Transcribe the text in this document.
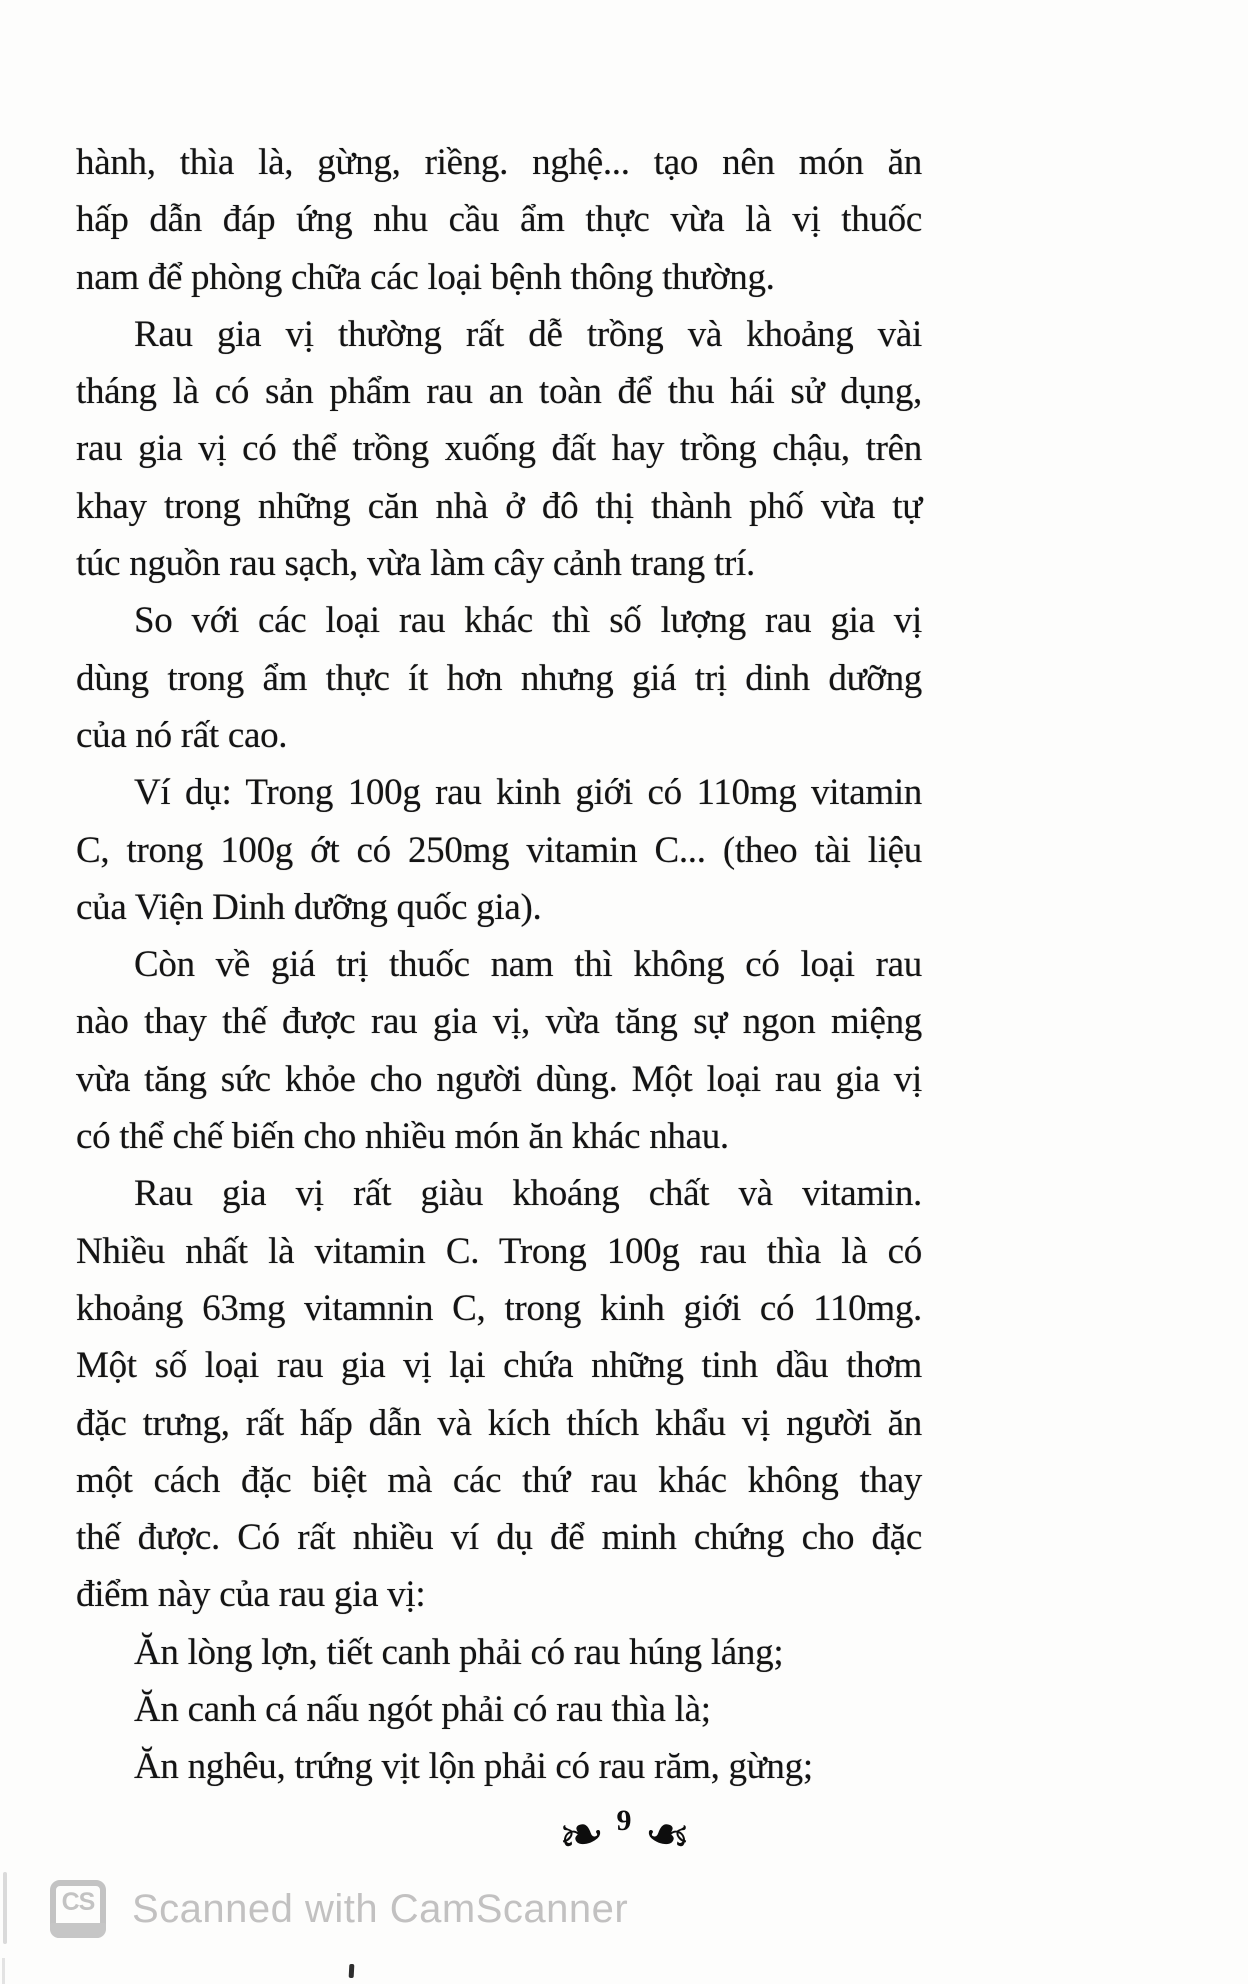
hành, thìa là, gừng, riềng. nghệ... tạo nên món ăn
hấp dẫn đáp ứng nhu cầu ẩm thực vừa là vị thuốc
nam để phòng chữa các loại bệnh thông thường.
Rau gia vị thường rất dễ trồng và khoảng vài
tháng là có sản phẩm rau an toàn để thu hái sử dụng,
rau gia vị có thể trồng xuống đất hay trồng chậu, trên
khay trong những căn nhà ở đô thị thành phố vừa tự
túc nguồn rau sạch, vừa làm cây cảnh trang trí.
So với các loại rau khác thì số lượng rau gia vị
dùng trong ẩm thực ít hơn nhưng giá trị dinh dưỡng
của nó rất cao.
Ví dụ: Trong 100g rau kinh giới có 110mg vitamin
C, trong 100g ớt có 250mg vitamin C... (theo tài liệu
của Viện Dinh dưỡng quốc gia).
Còn về giá trị thuốc nam thì không có loại rau
nào thay thế được rau gia vị, vừa tăng sự ngon miệng
vừa tăng sức khỏe cho người dùng. Một loại rau gia vị
có thể chế biến cho nhiều món ăn khác nhau.
Rau gia vị rất giàu khoáng chất và vitamin.
Nhiều nhất là vitamin C. Trong 100g rau thìa là có
khoảng 63mg vitamnin C, trong kinh giới có 110mg.
Một số loại rau gia vị lại chứa những tinh dầu thơm
đặc trưng, rất hấp dẫn và kích thích khẩu vị người ăn
một cách đặc biệt mà các thứ rau khác không thay
thế được. Có rất nhiều ví dụ để minh chứng cho đặc
điểm này của rau gia vị:
Ăn lòng lợn, tiết canh phải có rau húng láng;
Ăn canh cá nấu ngót phải có rau thìa là;
Ăn nghêu, trứng vịt lộn phải có rau răm, gừng;
❧ 9 ❧
CS Scanned with CamScanner
